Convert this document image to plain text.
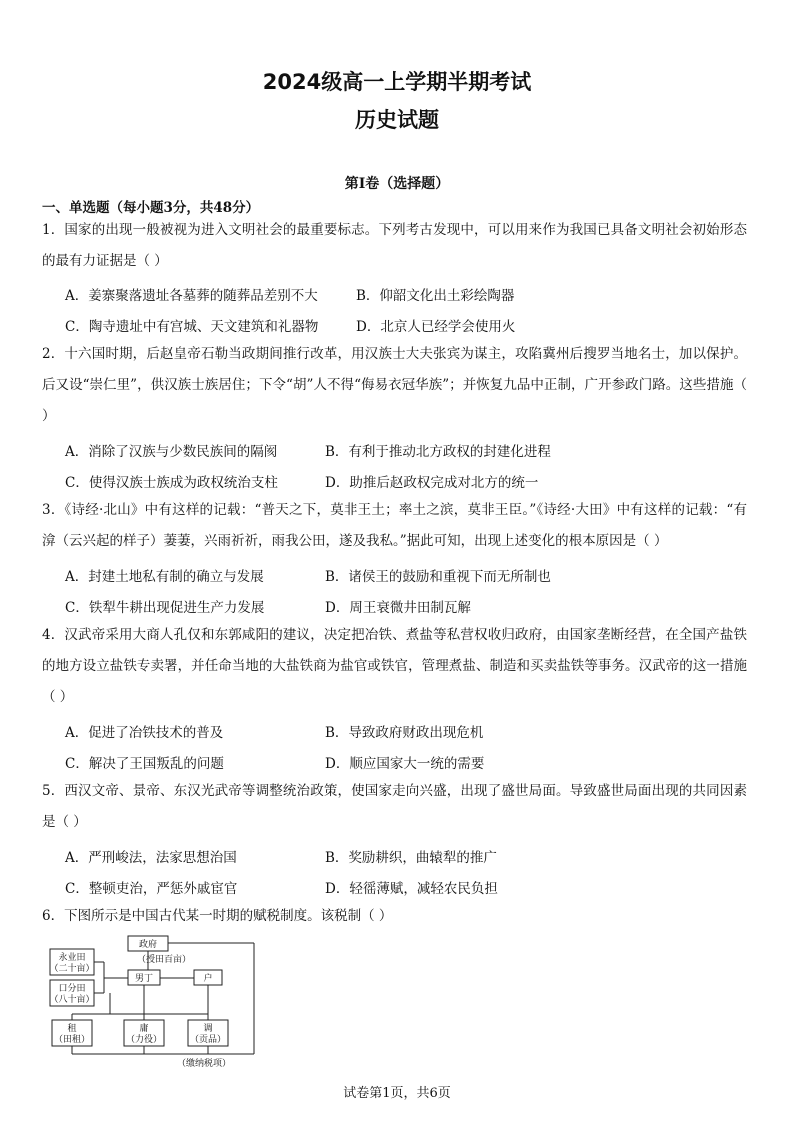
2024级高一上学期半期考试
历史试题
第Ⅰ卷（选择题）
一、单选题（每小题3分，共48分）
1．国家的出现一般被视为进入文明社会的最重要标志。下列考古发现中，可以用来作为我国已具备文明社会初始形态的最有力证据是（ ）
A．姜寨聚落遗址各墓葬的随葬品差别不大	B．仰韶文化出土彩绘陶器
C．陶寺遗址中有宫城、天文建筑和礼器物	D．北京人已经学会使用火
2．十六国时期，后赵皇帝石勒当政期间推行改革，用汉族士大夫张宾为谋主，攻陷冀州后搜罗当地名士，加以保护。后又设“崇仁里”，供汉族士族居住；下令“胡”人不得“侮易衣冠华族”；并恢复九品中正制，广开参政门路。这些措施（ ）
A．消除了汉族与少数民族间的隔阂	B．有利于推动北方政权的封建化进程
C．使得汉族士族成为政权统治支柱	D．助推后赵政权完成对北方的统一
3．《诗经·北山》中有这样的记载：“普天之下，莫非王土；率土之滨，莫非王臣。”《诗经·大田》中有这样的记载：“有渰（云兴起的样子）萋萋，兴雨祈祈，雨我公田，遂及我私。”据此可知，出现上述变化的根本原因是（ ）
A．封建土地私有制的确立与发展	B．诸侯王的鼓励和重视下而无所制也
C．铁犁牛耕出现促进生产力发展	D．周王衰微井田制瓦解
4．汉武帝采用大商人孔仅和东郭咸阳的建议，决定把冶铁、煮盐等私营权收归政府，由国家垄断经营，在全国产盐铁的地方设立盐铁专卖署，并任命当地的大盐铁商为盐官或铁官，管理煮盐、制造和买卖盐铁等事务。汉武帝的这一措施（ ）
A．促进了冶铁技术的普及	B．导致政府财政出现危机
C．解决了王国叛乱的问题	D．顺应国家大一统的需要
5．西汉文帝、景帝、东汉光武帝等调整统治政策，使国家走向兴盛，出现了盛世局面。导致盛世局面出现的共同因素是（ ）
A．严刑峻法，法家思想治国	B．奖励耕织，曲辕犁的推广
C．整顿吏治，严惩外戚宦官	D．轻徭薄赋，减轻农民负担
6．下图所示是中国古代某一时期的赋税制度。该税制（ ）
政府
（授田百亩）
永业田
（二十亩）
口分田
（八十亩）
男丁	户
租
（田租）
庸
（力役）
调
（贡品）
（缴纳税项）
试卷第1页，共6页
